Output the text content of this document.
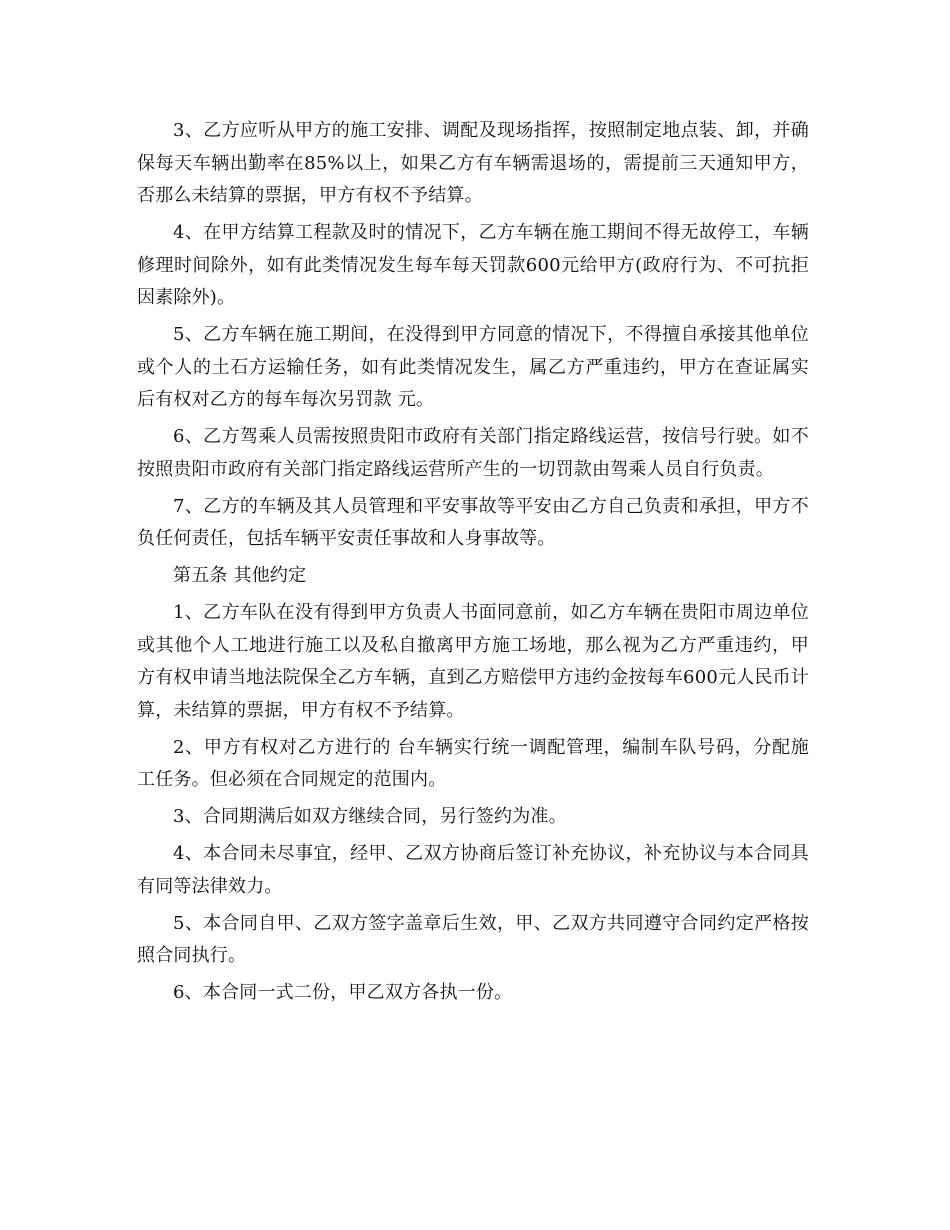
3、乙方应听从甲方的施工安排、调配及现场指挥，按照制定地点装、卸，并确保每天车辆出勤率在85%以上，如果乙方有车辆需退场的，需提前三天通知甲方，否那么未结算的票据，甲方有权不予结算。

4、在甲方结算工程款及时的情况下，乙方车辆在施工期间不得无故停工，车辆修理时间除外，如有此类情况发生每车每天罚款600元给甲方(政府行为、不可抗拒因素除外)。

5、乙方车辆在施工期间，在没得到甲方同意的情况下，不得擅自承接其他单位或个人的土石方运输任务，如有此类情况发生，属乙方严重违约，甲方在查证属实后有权对乙方的每车每次另罚款 元。

6、乙方驾乘人员需按照贵阳市政府有关部门指定路线运营，按信号行驶。如不按照贵阳市政府有关部门指定路线运营所产生的一切罚款由驾乘人员自行负责。

7、乙方的车辆及其人员管理和平安事故等平安由乙方自己负责和承担，甲方不负任何责任，包括车辆平安责任事故和人身事故等。

第五条 其他约定

1、乙方车队在没有得到甲方负责人书面同意前，如乙方车辆在贵阳市周边单位或其他个人工地进行施工以及私自撤离甲方施工场地，那么视为乙方严重违约，甲方有权申请当地法院保全乙方车辆，直到乙方赔偿甲方违约金按每车600元人民币计算，未结算的票据，甲方有权不予结算。

2、甲方有权对乙方进行的 台车辆实行统一调配管理，编制车队号码，分配施工任务。但必须在合同规定的范围内。

3、合同期满后如双方继续合同，另行签约为准。

4、本合同未尽事宜，经甲、乙双方协商后签订补充协议，补充协议与本合同具有同等法律效力。

5、本合同自甲、乙双方签字盖章后生效，甲、乙双方共同遵守合同约定严格按照合同执行。

6、本合同一式二份，甲乙双方各执一份。
